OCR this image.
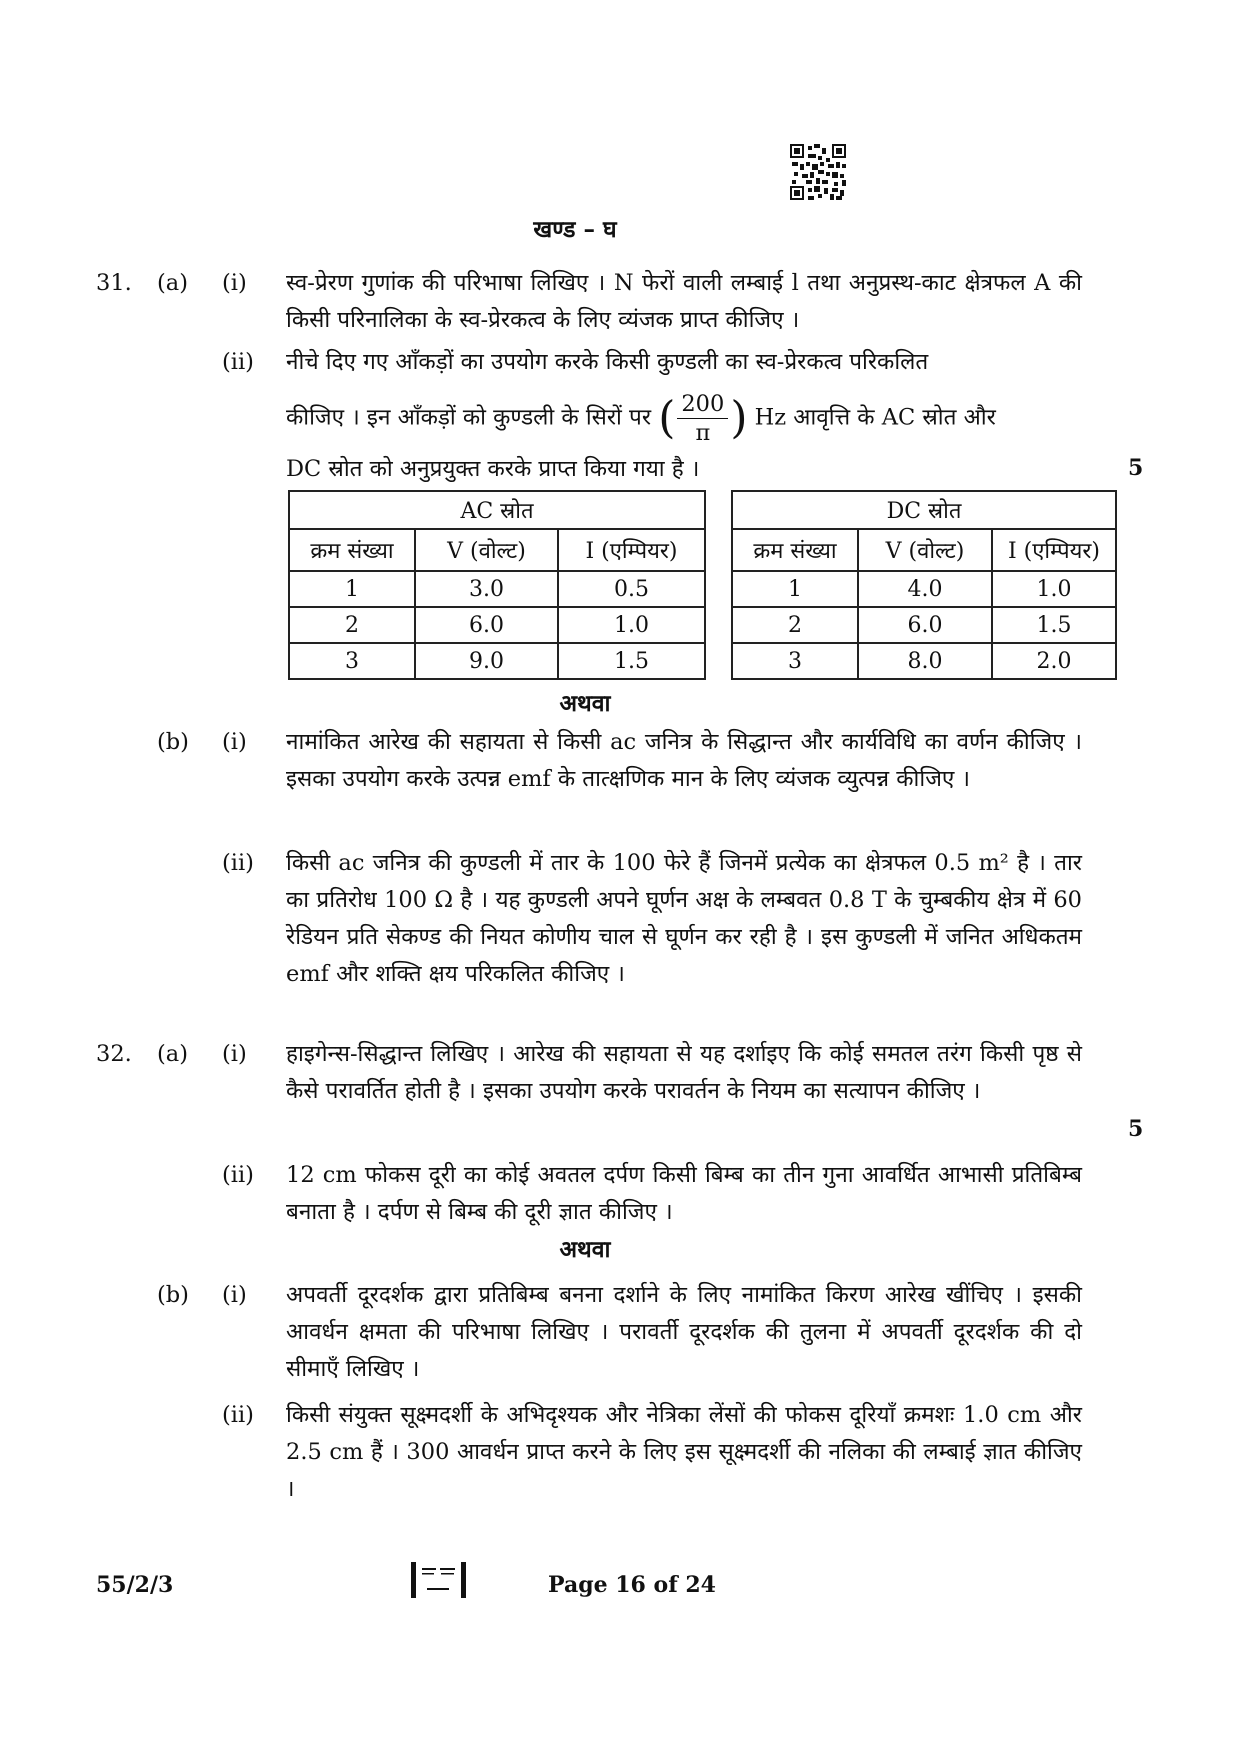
खण्ड – घ
31. (a) (i) स्व-प्रेरण गुणांक की परिभाषा लिखिए । N फेरों वाली लम्बाई l तथा अनुप्रस्थ-काट क्षेत्रफल A की किसी परिनालिका के स्व-प्रेरकत्व के लिए व्यंजक प्राप्त कीजिए ।
(ii) नीचे दिए गए आँकड़ों का उपयोग करके किसी कुण्डली का स्व-प्रेरकत्व परिकलित
कीजिए । इन आँकड़ों को कुण्डली के सिरों पर ( $\frac{200}{\pi}$ ) Hz आवृत्ति के AC स्रोत और
DC स्रोत को अनुप्रयुक्त करके प्राप्त किया गया है ।	5
AC स्रोत		
क्रम संख्या	V (वोल्ट)	I (एम्पियर)
1	3.0	0.5
2	6.0	1.0
3	9.0	1.5
DC स्रोत		
क्रम संख्या	V (वोल्ट)	I (एम्पियर)
1	4.0	1.0
2	6.0	1.5
3	8.0	2.0
अथवा
(b) (i) नामांकित आरेख की सहायता से किसी ac जनित्र के सिद्धान्त और कार्यविधि का वर्णन कीजिए । इसका उपयोग करके उत्पन्न emf के तात्क्षणिक मान के लिए व्यंजक व्युत्पन्न कीजिए ।
(ii) किसी ac जनित्र की कुण्डली में तार के 100 फेरे हैं जिनमें प्रत्येक का क्षेत्रफल 0.5 m² है । तार का प्रतिरोध 100 Ω है । यह कुण्डली अपने घूर्णन अक्ष के लम्बवत 0.8 T के चुम्बकीय क्षेत्र में 60 रेडियन प्रति सेकण्ड की नियत कोणीय चाल से घूर्णन कर रही है । इस कुण्डली में जनित अधिकतम emf और शक्ति क्षय परिकलित कीजिए ।
32. (a) (i) हाइगेन्स-सिद्धान्त लिखिए । आरेख की सहायता से यह दर्शाइए कि कोई समतल तरंग किसी पृष्ठ से कैसे परावर्तित होती है । इसका उपयोग करके परावर्तन के नियम का सत्यापन कीजिए ।
5
(ii) 12 cm फोकस दूरी का कोई अवतल दर्पण किसी बिम्ब का तीन गुना आवर्धित आभासी प्रतिबिम्ब बनाता है । दर्पण से बिम्ब की दूरी ज्ञात कीजिए ।
अथवा
(b) (i) अपवर्ती दूरदर्शक द्वारा प्रतिबिम्ब बनना दर्शाने के लिए नामांकित किरण आरेख खींचिए । इसकी आवर्धन क्षमता की परिभाषा लिखिए । परावर्ती दूरदर्शक की तुलना में अपवर्ती दूरदर्शक की दो सीमाएँ लिखिए ।
(ii) किसी संयुक्त सूक्ष्मदर्शी के अभिदृश्यक और नेत्रिका लेंसों की फोकस दूरियाँ क्रमशः 1.0 cm और 2.5 cm हैं । 300 आवर्धन प्राप्त करने के लिए इस सूक्ष्मदर्शी की नलिका की लम्बाई ज्ञात कीजिए ।
55/2/3	Page 16 of 24
